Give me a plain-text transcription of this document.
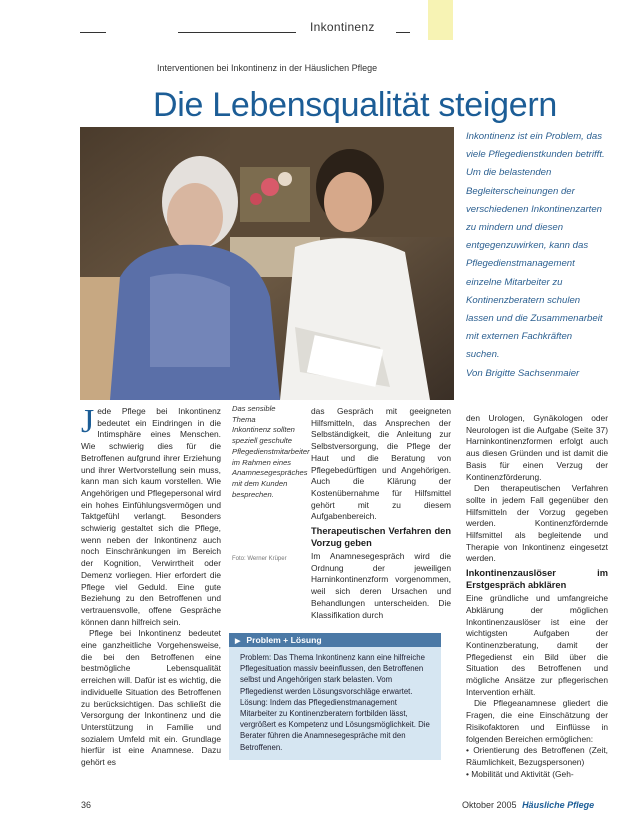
Inkontinenz
Interventionen bei Inkontinenz in der Häuslichen Pflege
Die Lebensqualität steigern

Inkontinenz ist ein Problem, das viele Pflegedienstkunden betrifft. Um die belastenden Begleiterscheinungen der verschiedenen Inkontinenzarten zu mindern und diesen entgegenzuwirken, kann das Pflegedienstmanagement einzelne Mitarbeiter zu Kontinenzberatern schulen lassen und die Zusammenarbeit mit externen Fachkräften suchen.

Von Brigitte Sachsenmaier

J ede Pflege bei Inkontinenz bedeutet ein Eindringen in die Intimsphäre eines Menschen. Wie schwierig dies für die Betroffenen aufgrund ihrer Erziehung und ihrer Wertvorstellung sein muss, kann man sich kaum vorstellen. Wie Angehörigen und Pflegepersonal wird ein hohes Einfühlungsvermögen und Taktgefühl verlangt. Besonders schwierig gestaltet sich die Pflege, wenn neben der Inkontinenz auch noch Einschränkungen im Bereich der Kognition, Verwirrtheit oder Demenz vorliegen. Hier erfordert die Pflege viel Geduld. Eine gute Beziehung zu den Betroffenen und vertrauensvolle, offene Gespräche können dann hilfreich sein.

Pflege bei Inkontinenz bedeutet eine ganzheitliche Vorgehensweise, die bei den Betroffenen eine bestmögliche Lebensqualität erreichen will. Dafür ist es wichtig, die individuelle Situation des Betroffenen zu berücksichtigen. Das schließt die Versorgung der Inkontinenz und die Unterstützung in Familie und sozialem Umfeld mit ein. Grundlage hierfür ist eine Anamnese. Dazu gehört es

Das sensible Thema Inkontinenz sollten speziell geschulte Pflegedienstmitarbeiter im Rahmen eines Anamnesegespräches mit dem Kunden besprechen.
Foto: Werner Krüper

das Gespräch mit geeigneten Hilfsmitteln, das Ansprechen der Selbständigkeit, die Anleitung zur Selbstversorgung, die Pflege der Haut und die Beratung von Pflegebedürftigen und Angehörigen. Auch die Klärung der Kostenübernahme für Hilfsmittel gehört mit zu diesem Aufgabenbereich.

Therapeutischen Verfahren den Vorzug geben

Im Anamnesegespräch wird die Ordnung der jeweiligen Harninkontinenzform vorgenommen, weil sich deren Ursachen und Behandlungen unterscheiden. Die Klassifikation durch

den Urologen, Gynäkologen oder Neurologen ist die Aufgabe (Seite 37) Harninkontinenzformen erfolgt auch aus diesen Gründen und ist damit die Basis für einen Verzug der Kontinenzförderung.

Den therapeutischen Verfahren sollte in jedem Fall gegenüber den Hilfsmitteln der Vorzug gegeben werden. Kontinenzfördernde Hilfsmittel als begleitende und Therapie von Inkontinenz eingesetzt werden.

Inkontinenzauslöser im Erstgespräch abklären

Eine gründliche und umfangreiche Abklärung der möglichen Inkontinenzauslöser ist eine der wichtigsten Aufgaben der Kontinenzberatung, damit der Pflegedienst ein Bild über die Situation des Betroffenen und mögliche Ansätze zur pflegerischen Intervention erhält.

Die Pflegeanamnese gliedert die Fragen, die eine Einschätzung der Risikofaktoren und Einflüsse in folgenden Bereichen ermöglichen:

• Orientierung des Betroffenen (Zeit, Räumlichkeit, Bezugspersonen)

• Mobilität und Aktivität (Geh-

▶ Problem + Lösung
Problem: Das Thema Inkontinenz kann eine hilfreiche Pflegesituation massiv beeinflussen, den Betroffenen selbst und Angehörigen stark belasten. Vom Pflegedienst werden Lösungsvorschläge erwartet. Lösung: Indem das Pflegedienstmanagement Mitarbeiter zu Kontinenzberatern fortbilden lässt, vergrößert es Kompetenz und Lösungsmöglichkeit. Die Berater führen die Anamnesegespräche mit den Betroffenen.
36	Oktober 2005 Häusliche Pflege
